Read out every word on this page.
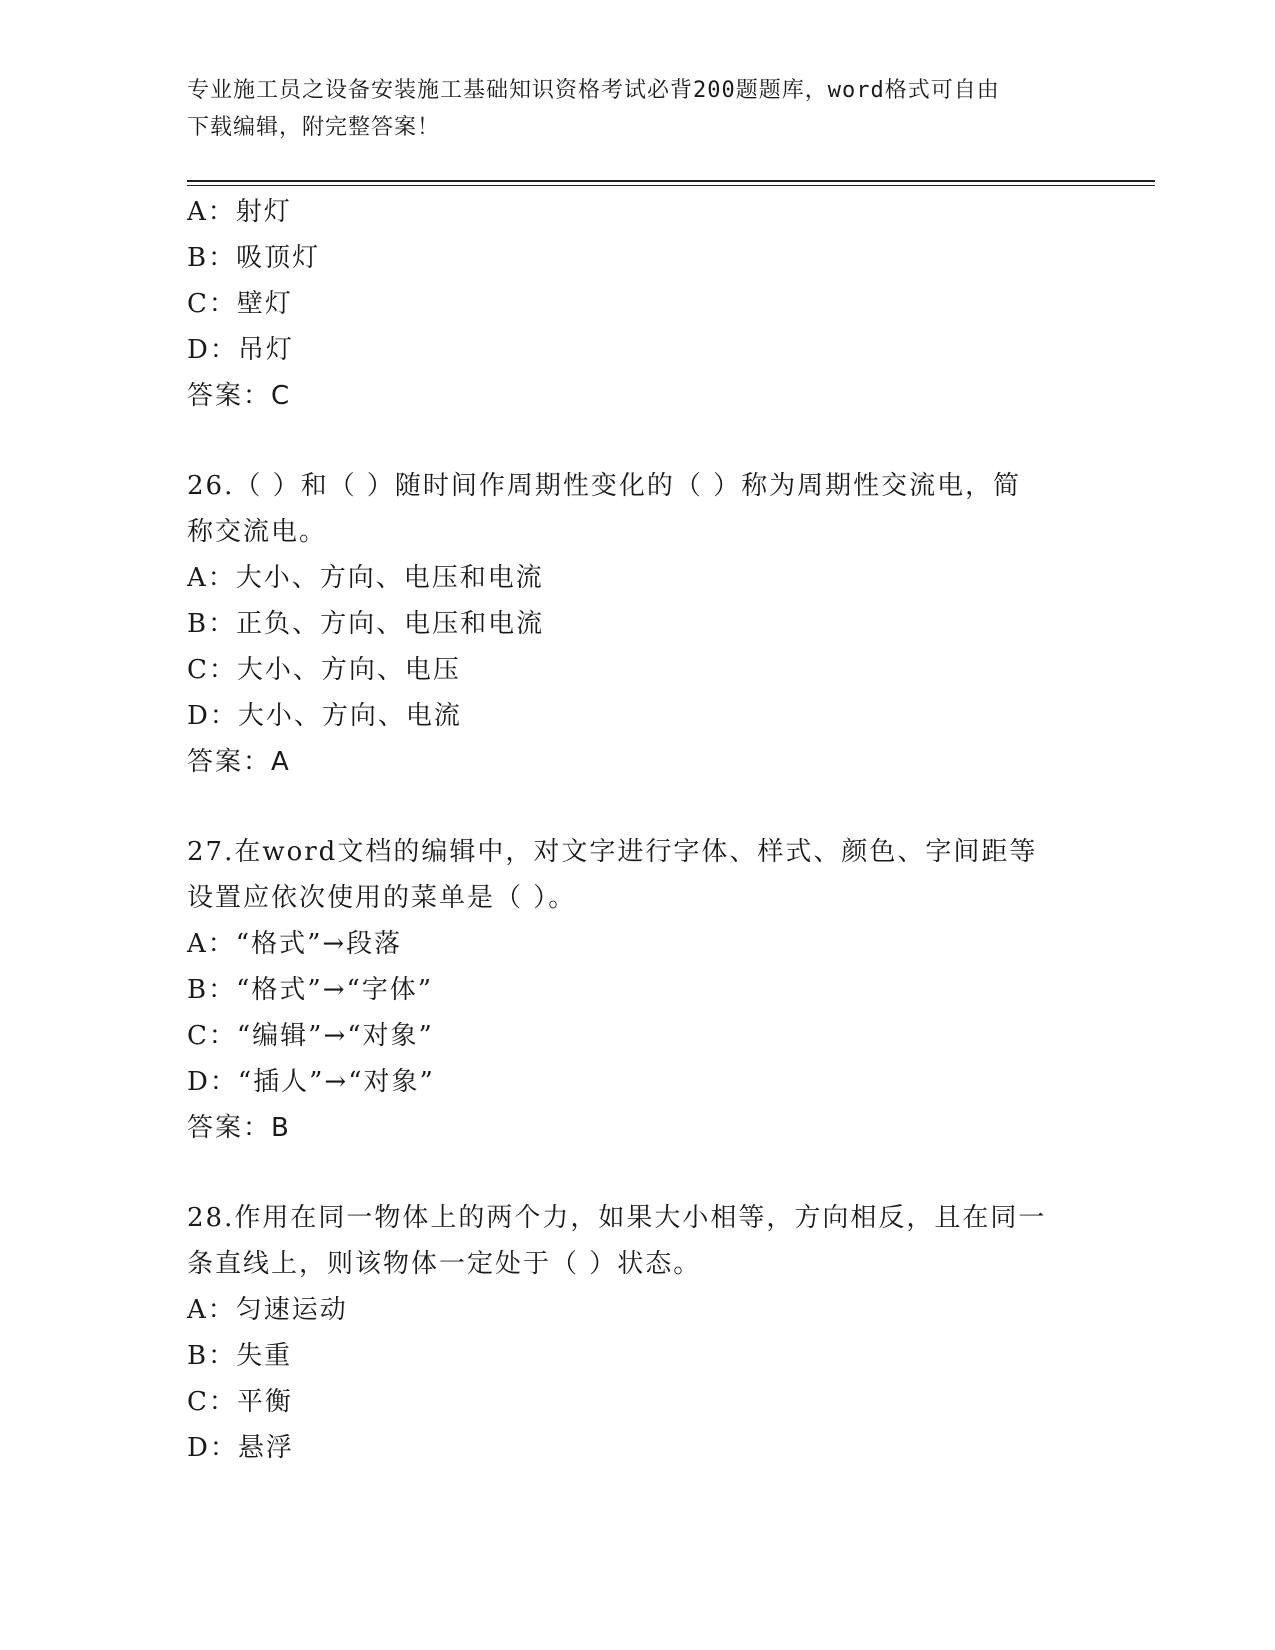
专业施工员之设备安装施工基础知识资格考试必背200题题库，word格式可自由
下载编辑，附完整答案！
A：射灯
B：吸顶灯
C：壁灯
D：吊灯
答案：C
26.（ ）和（ ）随时间作周期性变化的（ ）称为周期性交流电，简
称交流电。
A：大小、方向、电压和电流
B：正负、方向、电压和电流
C：大小、方向、电压
D：大小、方向、电流
答案：A
27.在word文档的编辑中，对文字进行字体、样式、颜色、字间距等
设置应依次使用的菜单是（ ）。
A：“格式”→段落
B：“格式”→“字体”
C：“编辑”→“对象”
D：“插人”→“对象”
答案：B
28.作用在同一物体上的两个力，如果大小相等，方向相反，且在同一
条直线上，则该物体一定处于（ ）状态。
A：匀速运动
B：失重
C：平衡
D：悬浮
